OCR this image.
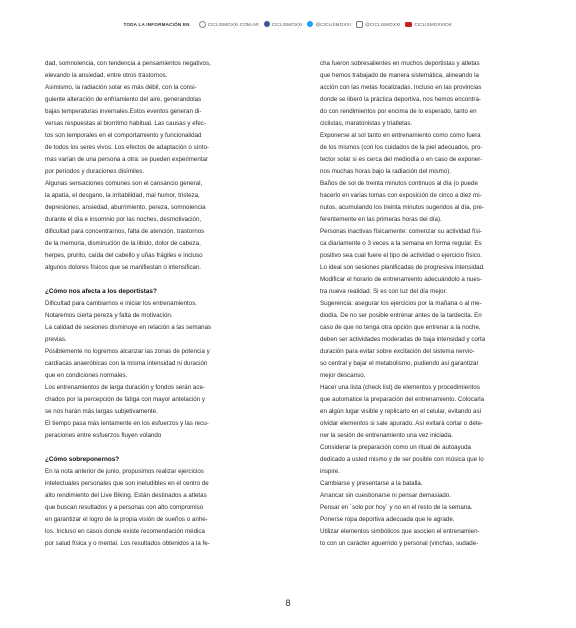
TODA LA INFORMACIÓN EN	CICLISMOXXI.COM.AR	CICLISMOXXI	@CICLISMOXXI	@CICLISMOXXI	CICLISMOXXIOK

dad, somnolencia, con tendencia a pensamientos negativos,

elevando la ansiedad, entre otros trastornos.

Asimismo, la radiación solar es más débil, con la consi-

guiente alteración de enfriamiento del aire, generandolas

bajas temperaturas invernales.Estos eventos generan di-

versas respuestas al biorritmo habitual. Las causas y efec-

tos son temporales en el comportamiento y funcionalidad

de todos los seres vivos. Los efectos de adaptación o sínto-

mas varían de una persona a otra: se pueden experimentar

por períodos y duraciones disímiles.

Algunas sensaciones comunes son el cansancio general,

la apatía, el desgano, la irritabilidad, mal humor, tristeza,

depresiones, ansiedad, aburrimiento, pereza, somnolencia

durante el día e insomnio por las noches, desmotivación,

dificultad para concentrarnos, falta de atención, trastornos

de la memoria, disminución de la libido, dolor de cabeza,

herpes, prurito, caída del cabello y uñas frágiles e incluso

algunos dolores físicos que se manifiestan o intensifican.

¿Cómo nos afecta a los deportistas?

Dificultad para cambiarnos e iniciar los entrenamientos.

Notaremos cierta pereza y falta de motivación.

La calidad de sesiones disminuye en relación a las semanas

previas.

Posiblemente no logremos alcanzar las zonas de potencia y

cardíacas anaeróbicas con la misma intensidad ni duración

que en condiciones normales.

Los entrenamientos de larga duración y fondos serán ace-

chados por la percepción de fatiga con mayor antelación y

se nos harán más largas subjetivamente.

El tiempo pasa más lentamente en los esfuerzos y las recu-

peraciones entre esfuerzos fluyen volando

¿Cómo sobreponernos?

En la nota anterior de junio, propusimos realizar ejercicios

intelectuales personales que son ineludibles en el centro de

alto rendimiento del Live Biking. Están destinados a atletas

que buscan resultados y a personas con alto compromiso

en garantizar el logro de la propia visión de sueños o anhe-

los. Incluso en casos donde existe recomendación médica

por salud física y o mental. Los resultados obtenidos a la fe-

cha fueron sobresalientes en muchos deportistas y atletas

que hemos trabajado de manera sistemática, alineando la

acción con las metas focalizadas. Incluso en las provincias

donde se liberó la práctica deportiva, nos hemos encontra-

do con rendimientos por encima de lo esperado, tanto en

ciclistas, maratonistas y triatletas.

Exponerse al sol tanto en entrenamiento como como fuera

de los mismos (con los cuidados de la piel adecuados, pro-

tector solar si es cerca del mediodía o en caso de exponer-

nos muchas horas bajo la radiación del mismo).

Baños de sol de treinta minutos continuos al día (o puede

hacerlo en varias tomas con exposición de cinco a diez mi-

nutos, acumulando los treinta minutos sugeridos al día, pre-

ferentemente en las primeras horas del día).

Personas inactivas físicamente: comenzar su actividad físi-

ca diariamente o 3 veces a la semana en forma regular. Es

positivo sea cual fuere el tipo de actividad o ejercicio físico.

Lo ideal son sesiones planificadas de progresiva intensidad.

Modificar el horario de entrenamiento adecuándolo a nues-

tra nueva realidad. Si es con luz del día mejor.

Sugerencia: asegurar los ejercicios por la mañana o al me-

diodía. De no ser posible entrenar antes de la tardecita. En

caso de que no tenga otra opción que entrenar a la noche,

deben ser actividades moderadas de baja intensidad y corta

duración para evitar sobre excitación del sistema nervio-

so central y bajar el metabolismo, pudiendo así garantizar

mejor descanso.

Hacer una lista (check list) de elementos y procedimientos

que automatice la preparación del entrenamiento. Colocarla

en algún lugar visible y replicarlo en el celular, evitando así

olvidar elementos si sale apurado. Así evitará cortar o dete-

ner la sesión de entrenamiento una vez iniciada.

Considerar la preparación como un ritual de autoayuda

dedicado a usted mismo y de ser posible con música que lo

inspire.

Cambiarse y presentarse a la batalla.

Arrancar sin cuestionarse ni pensar demasiado.

Pensar en ´solo por hoy´ y no en el resto de la semana.

Ponerse ropa deportiva adecuada que le agrade.

Utilizar elementos simbólicos que asocien el entrenamien-

to con un carácter aguerrido y personal (vinchas, sudade-

8
